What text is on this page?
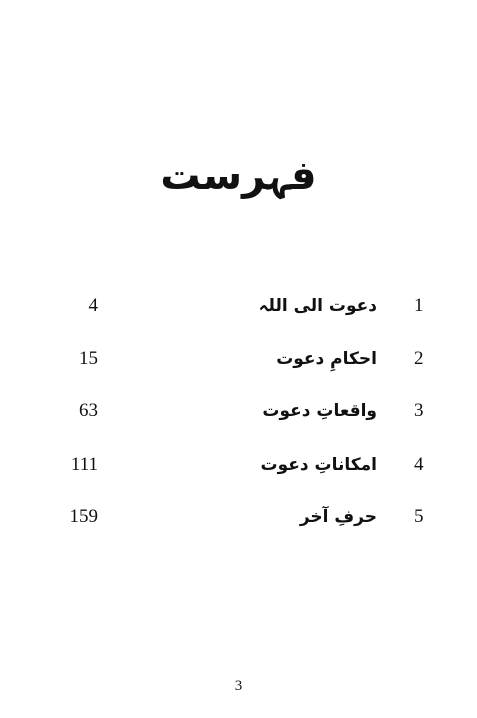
فہرست
1
دعوت الی اللہ
4
2
احکامِ دعوت
15
3
واقعاتِ دعوت
63
4
امکاناتِ دعوت
111
5
حرفِ آخر
159
3
